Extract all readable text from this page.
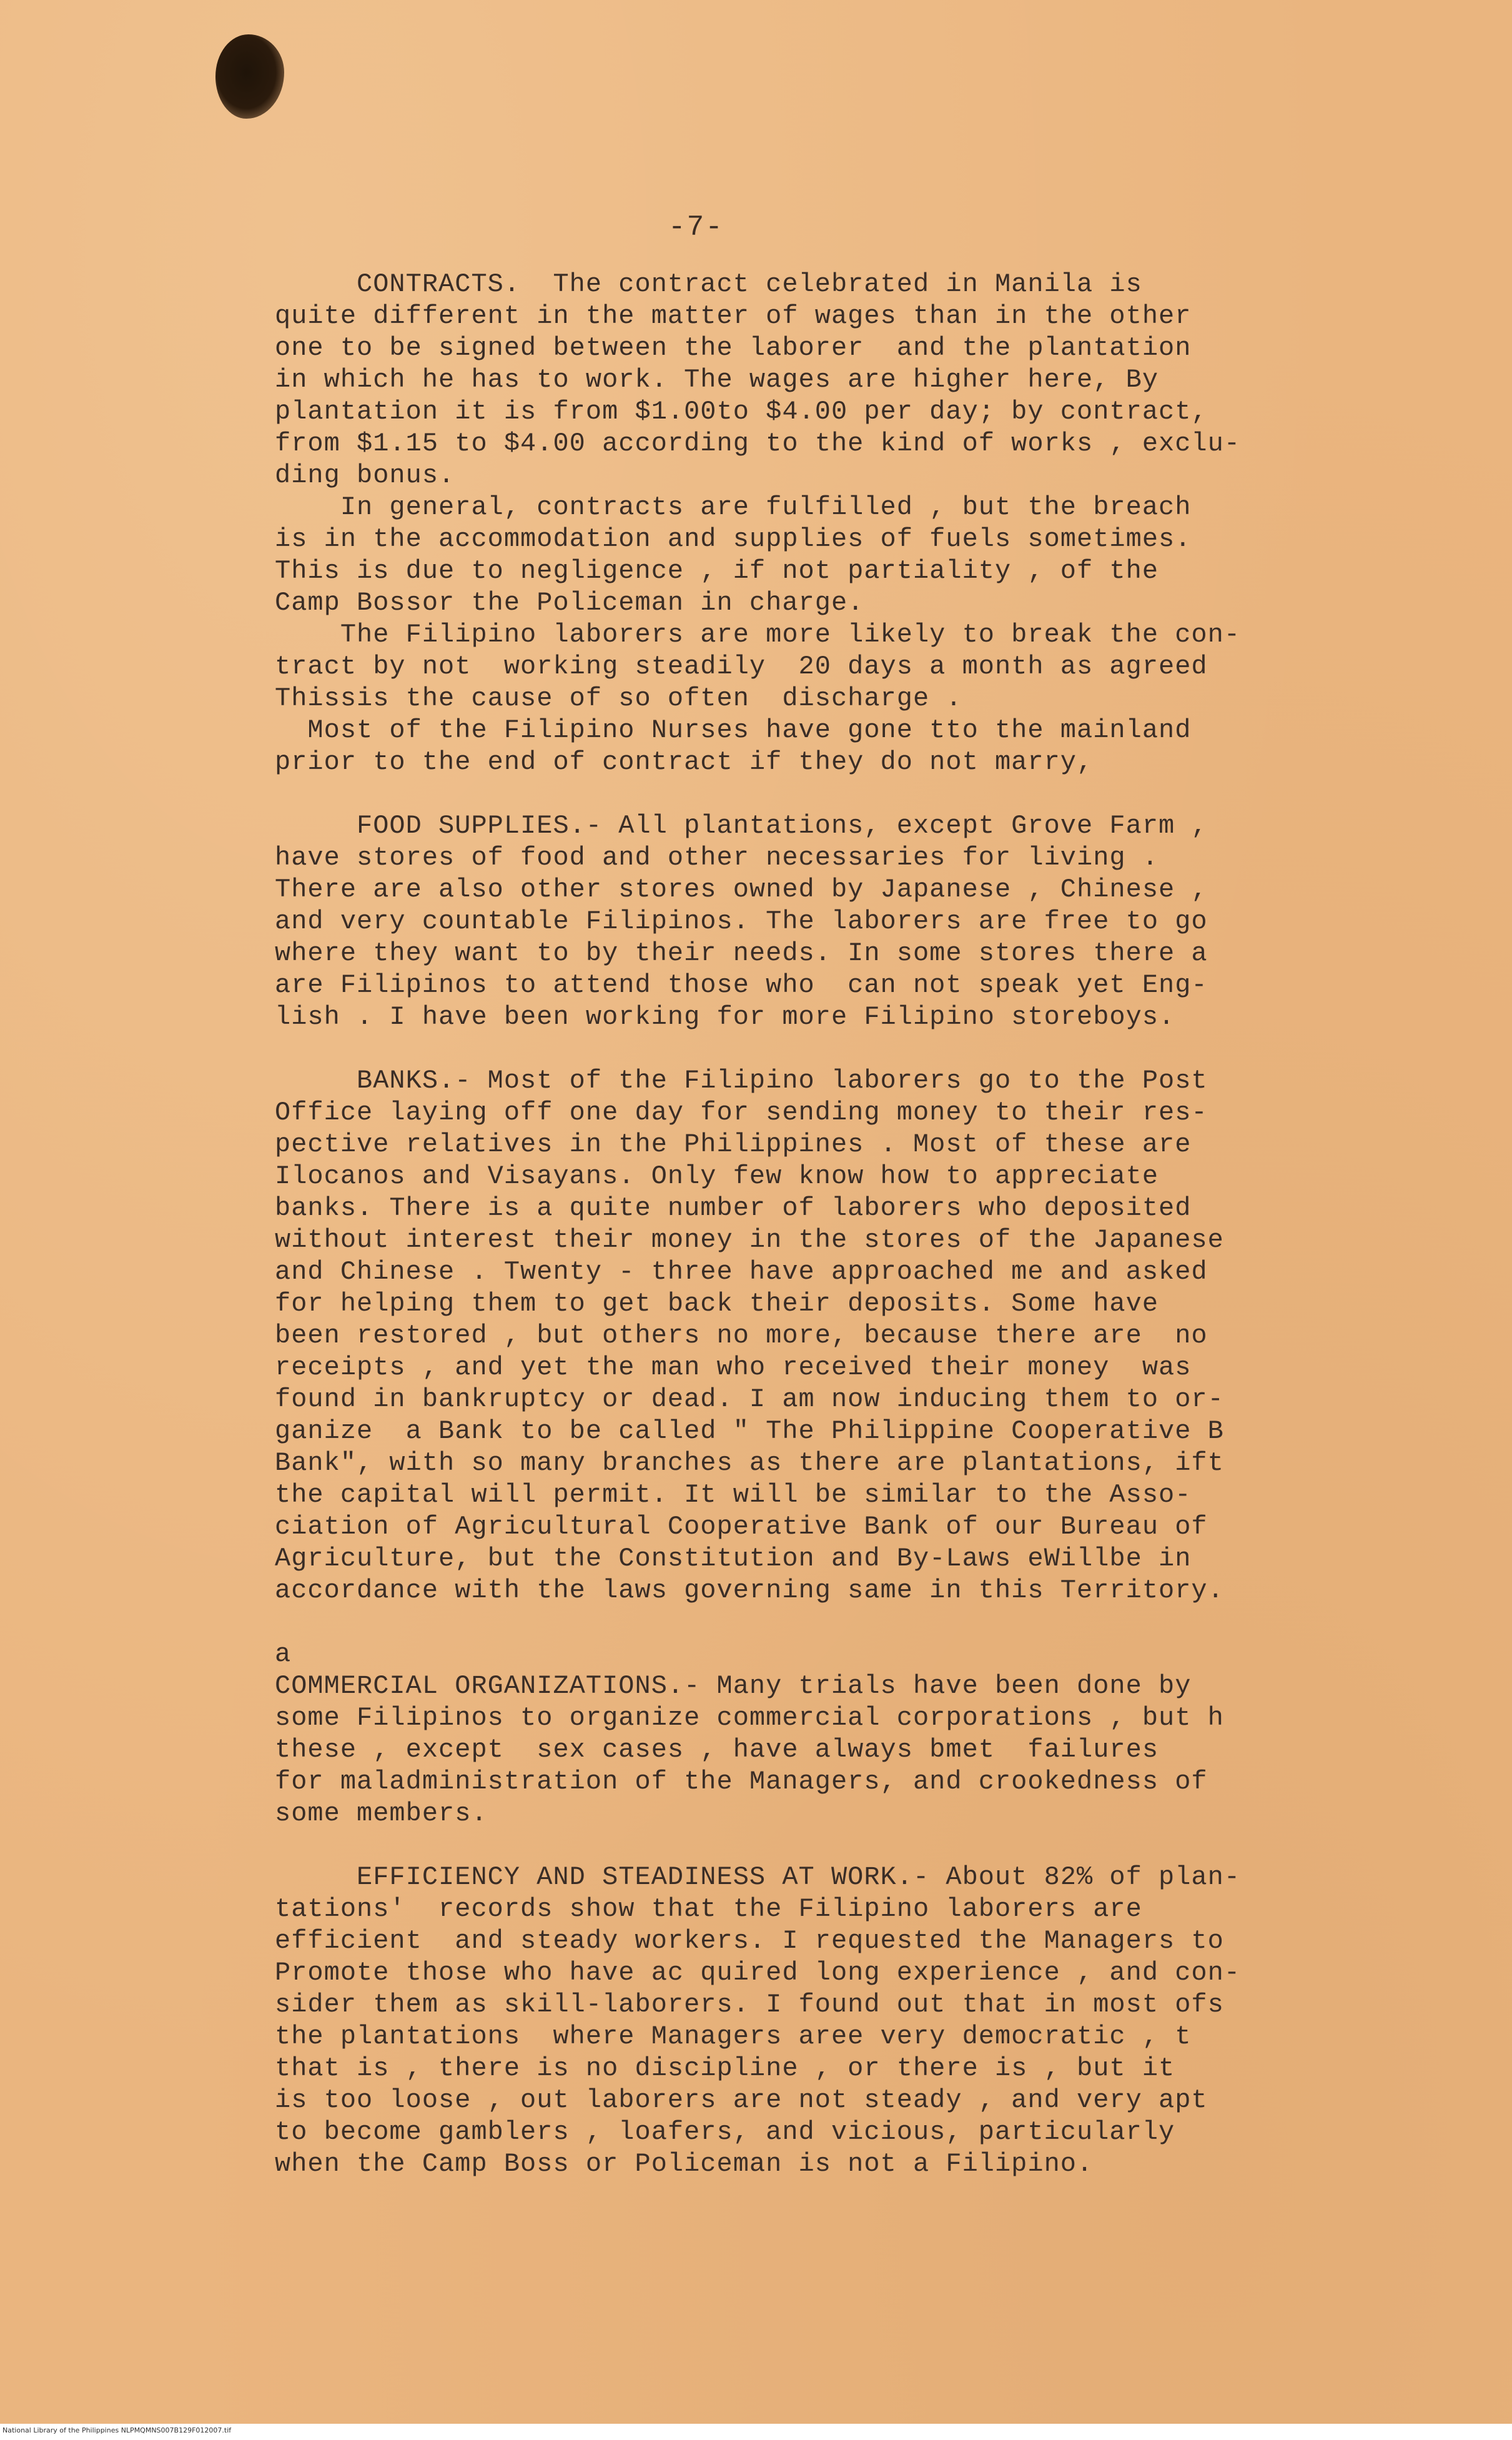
-7-
CONTRACTS.  The contract celebrated in Manila is
quite different in the matter of wages than in the other
one to be signed between the laborer  and the plantation
in which he has to work. The wages are higher here, By
plantation it is from $1.00to $4.00 per day; by contract,
from $1.15 to $4.00 according to the kind of works , exclu-
ding bonus.
In general, contracts are fulfilled , but the breach
is in the accommodation and supplies of fuels sometimes.
This is due to negligence , if not partiality , of the
Camp Bossor the Policeman in charge.
The Filipino laborers are more likely to break the con-
tract by not  working steadily  20 days a month as agreed
Thissis the cause of so often  discharge .
Most of the Filipino Nurses have gone tto the mainland
prior to the end of contract if they do not marry,
FOOD SUPPLIES.- All plantations, except Grove Farm ,
have stores of food and other necessaries for living .
There are also other stores owned by Japanese , Chinese ,
and very countable Filipinos. The laborers are free to go
where they want to by their needs. In some stores there a
are Filipinos to attend those who  can not speak yet Eng-
lish . I have been working for more Filipino storeboys.
BANKS.- Most of the Filipino laborers go to the Post
Office laying off one day for sending money to their res-
pective relatives in the Philippines . Most of these are
Ilocanos and Visayans. Only few know how to appreciate
banks. There is a quite number of laborers who deposited
without interest their money in the stores of the Japanese
and Chinese . Twenty - three have approached me and asked
for helping them to get back their deposits. Some have
been restored , but others no more, because there are  no
receipts , and yet the man who received their money  was
found in bankruptcy or dead. I am now inducing them to or-
ganize  a Bank to be called " The Philippine Cooperative B
Bank", with so many branches as there are plantations, ift
the capital will permit. It will be similar to the Asso-
ciation of Agricultural Cooperative Bank of our Bureau of
Agriculture, but the Constitution and By-Laws eWillbe in
accordance with the laws governing same in this Territory.
a
COMMERCIAL ORGANIZATIONS.- Many trials have been done by
some Filipinos to organize commercial corporations , but h
these , except  sex cases , have always bmet  failures
for maladministration of the Managers, and crookedness of
some members.
EFFICIENCY AND STEADINESS AT WORK.- About 82% of plan-
tations'  records show that the Filipino laborers are
efficient  and steady workers. I requested the Managers to
Promote those who have ac quired long experience , and con-
sider them as skill-laborers. I found out that in most ofs
the plantations  where Managers aree very democratic , t
that is , there is no discipline , or there is , but it
is too loose , out laborers are not steady , and very apt
to become gamblers , loafers, and vicious, particularly
when the Camp Boss or Policeman is not a Filipino.
National Library of the Philippines NLPMQMNS007B129F012007.tif
